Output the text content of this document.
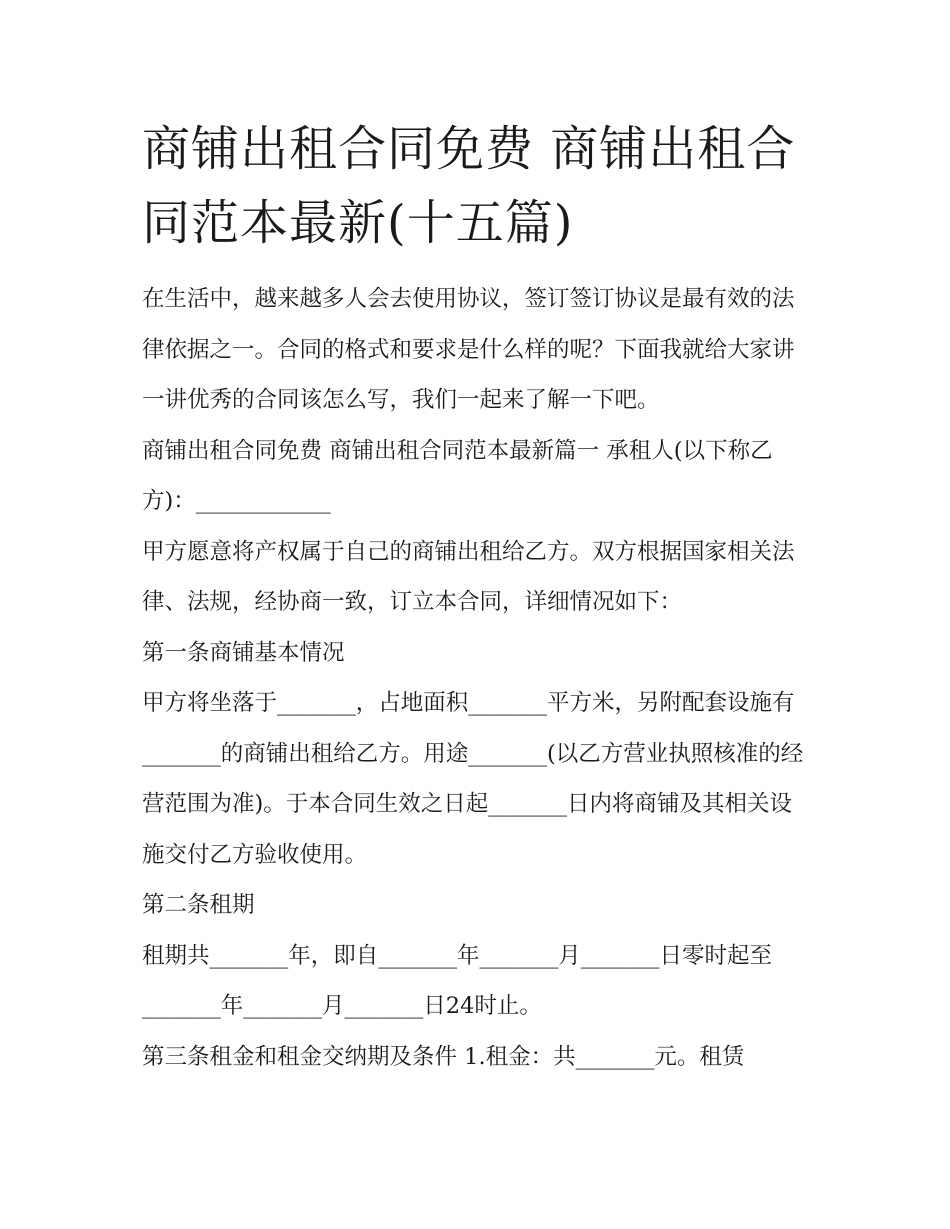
商铺出租合同免费 商铺出租合同范本最新(十五篇)

在生活中，越来越多人会去使用协议，签订签订协议是最有效的法律依据之一。合同的格式和要求是什么样的呢？下面我就给大家讲一讲优秀的合同该怎么写，我们一起来了解一下吧。

商铺出租合同免费 商铺出租合同范本最新篇一 承租人(以下称乙方)：____________

甲方愿意将产权属于自己的商铺出租给乙方。双方根据国家相关法律、法规，经协商一致，订立本合同，详细情况如下：

第一条商铺基本情况

甲方将坐落于_______，占地面积_______平方米，另附配套设施有_______的商铺出租给乙方。用途_______(以乙方营业执照核准的经营范围为准)。于本合同生效之日起_______日内将商铺及其相关设施交付乙方验收使用。

第二条租期

租期共_______年，即自_______年_______月_______日零时起至_______年_______月_______日24时止。

第三条租金和租金交纳期及条件 1.租金：共_______元。租赁
